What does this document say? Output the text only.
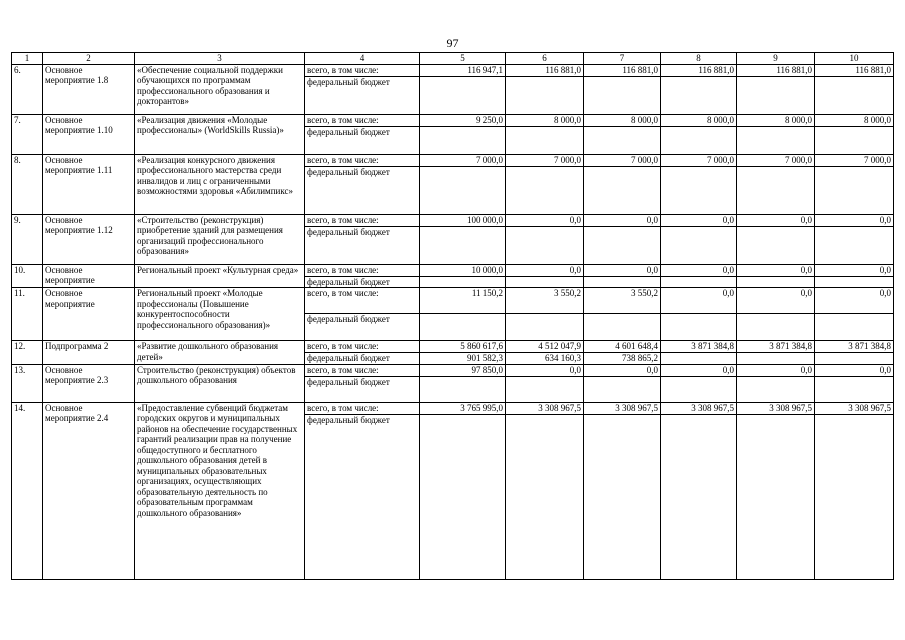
97
1	2	3	4	5	6	7	8	9	10
6.	Основное мероприятие 1.8	«Обеспечение социальной поддержки обучающихся по программам профессионального образования и докторантов»	всего, в том числе:	116 947,1	116 881,0	116 881,0	116 881,0	116 881,0	116 881,0
			федеральный бюджет						
7.	Основное мероприятие 1.10	«Реализация движения «Молодые профессионалы» (WorldSkills Russia)»	всего, в том числе:	9 250,0	8 000,0	8 000,0	8 000,0	8 000,0	8 000,0
			федеральный бюджет						
8.	Основное мероприятие 1.11	«Реализация конкурсного движения профессионального мастерства среди инвалидов и лиц с ограниченными возможностями здоровья «Абилимпикс»	всего, в том числе:	7 000,0	7 000,0	7 000,0	7 000,0	7 000,0	7 000,0
			федеральный бюджет						
9.	Основное мероприятие 1.12	«Строительство (реконструкция) приобретение зданий для размещения организаций профессионального образования»	всего, в том числе:	100 000,0	0,0	0,0	0,0	0,0	0,0
			федеральный бюджет						
10.	Основное мероприятие	Региональный проект «Культурная среда»	всего, в том числе:	10 000,0	0,0	0,0	0,0	0,0	0,0
			федеральный бюджет						
11.	Основное мероприятие	Региональный проект «Молодые профессионалы (Повышение конкурентоспособности профессионального образования)»	всего, в том числе:	11 150,2	3 550,2	3 550,2	0,0	0,0	0,0
			федеральный бюджет						
12.	Подпрограмма 2	«Развитие дошкольного образования детей»	всего, в том числе:	5 860 617,6	4 512 047,9	4 601 648,4	3 871 384,8	3 871 384,8	3 871 384,8
			федеральный бюджет	901 582,3	634 160,3	738 865,2			
13.	Основное мероприятие 2.3	Строительство (реконструкция) объектов дошкольного образования	всего, в том числе:	97 850,0	0,0	0,0	0,0	0,0	0,0
			федеральный бюджет						
14.	Основное мероприятие 2.4	«Предоставление субвенций бюджетам городских округов и муниципальных районов на обеспечение государственных гарантий реализации прав на получение общедоступного и бесплатного дошкольного образования детей в муниципальных образовательных организациях, осуществляющих образовательную деятельность по образовательным программам дошкольного образования»	всего, в том числе:	3 765 995,0	3 308 967,5	3 308 967,5	3 308 967,5	3 308 967,5	3 308 967,5
			федеральный бюджет						
